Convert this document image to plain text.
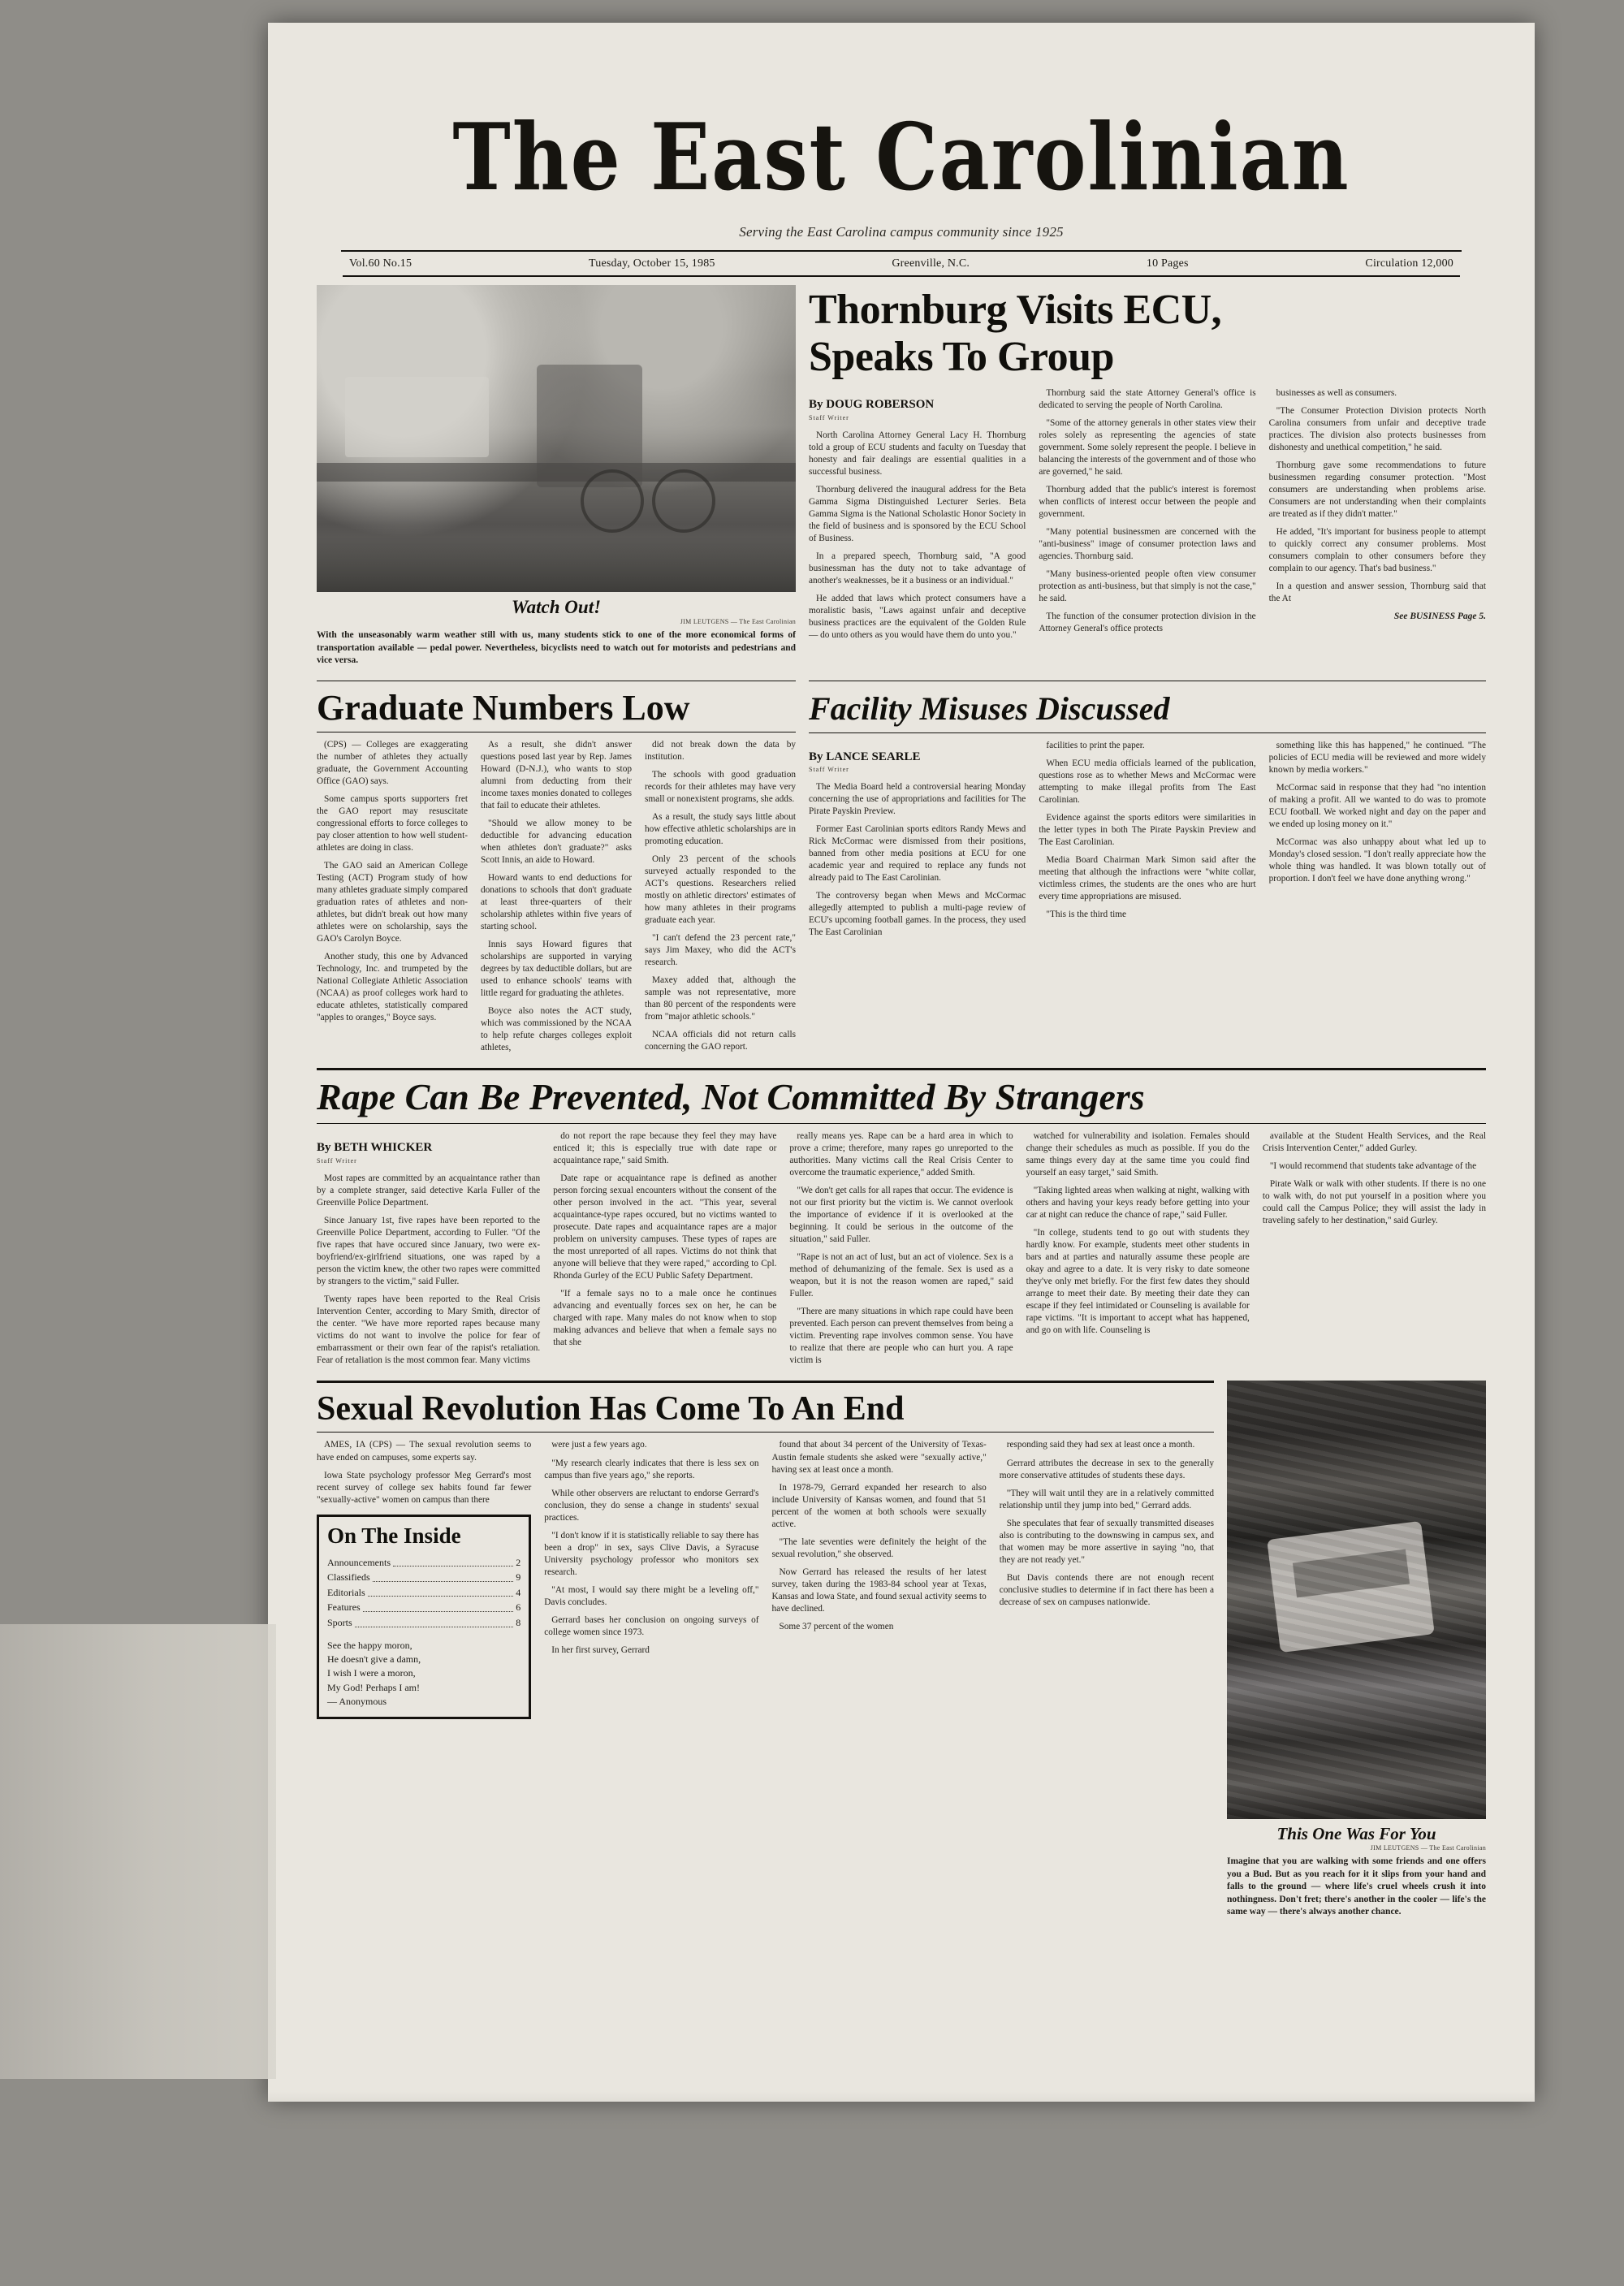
The East Carolinian
Serving the East Carolina campus community since 1925
Vol.60 No.15	Tuesday, October 15, 1985	Greenville, N.C.	10 Pages	Circulation 12,000
Watch Out!
JIM LEUTGENS — The East Carolinian
With the unseasonably warm weather still with us, many students stick to one of the more economical forms of transportation available — pedal power. Nevertheless, bicyclists need to watch out for motorists and pedestrians and vice versa.
Thornburg Visits ECU,
Speaks To Group
By DOUG ROBERSON
Staff Writer

North Carolina Attorney General Lacy H. Thornburg told a group of ECU students and faculty on Tuesday that honesty and fair dealings are essential qualities in a successful business.

Thornburg delivered the inaugural address for the Beta Gamma Sigma Distinguished Lecturer Series. Beta Gamma Sigma is the National Scholastic Honor Society in the field of business and is sponsored by the ECU School of Business.

In a prepared speech, Thornburg said, "A good businessman has the duty not to take advantage of another's weaknesses, be it a business or an individual."

He added that laws which protect consumers have a moralistic basis, "Laws against unfair and deceptive business practices are the equivalent of the Golden Rule — do unto others as you would have them do unto you."

Thornburg said the state Attorney General's office is dedicated to serving the people of North Carolina.

"Some of the attorney generals in other states view their roles solely as representing the agencies of state government. Some solely represent the people. I believe in balancing the interests of the government and of those who are governed," he said.

Thornburg added that the public's interest is foremost when conflicts of interest occur between the people and government.

"Many potential businessmen are concerned with the "anti-business" image of consumer protection laws and agencies. Thornburg said.

"Many business-oriented people often view consumer protection as anti-business, but that simply is not the case," he said.

The function of the consumer protection division in the Attorney General's office protects

businesses as well as consumers.

"The Consumer Protection Division protects North Carolina consumers from unfair and deceptive trade practices. The division also protects businesses from dishonesty and unethical competition," he said.

Thornburg gave some recommendations to future businessmen regarding consumer protection. "Most consumers are understanding when problems arise. Consumers are not understanding when their complaints are treated as if they didn't matter."

He added, "It's important for business people to attempt to quickly correct any consumer problems. Most consumers complain to other consumers before they complain to our agency. That's bad business."

In a question and answer session, Thornburg said that the At

See BUSINESS Page 5.
Graduate Numbers Low

(CPS) — Colleges are exaggerating the number of athletes they actually graduate, the Government Accounting Office (GAO) says.

Some campus sports supporters fret the GAO report may resuscitate congressional efforts to force colleges to pay closer attention to how well student-athletes are doing in class.

The GAO said an American College Testing (ACT) Program study of how many athletes graduate simply compared graduation rates of athletes and non-athletes, but didn't break out how many athletes were on scholarship, says the GAO's Carolyn Boyce.

Another study, this one by Advanced Technology, Inc. and trumpeted by the National Collegiate Athletic Association (NCAA) as proof colleges work hard to educate athletes, statistically compared "apples to oranges," Boyce says.

As a result, she didn't answer questions posed last year by Rep. James Howard (D-N.J.), who wants to stop alumni from deducting from their income taxes monies donated to colleges that fail to educate their athletes.

"Should we allow money to be deductible for advancing education when athletes don't graduate?" asks Scott Innis, an aide to Howard.

Howard wants to end deductions for donations to schools that don't graduate at least three-quarters of their scholarship athletes within five years of starting school.

Innis says Howard figures that scholarships are supported in varying degrees by tax deductible dollars, but are used to enhance schools' teams with little regard for graduating the athletes.

Boyce also notes the ACT study, which was commissioned by the NCAA to help refute charges colleges exploit athletes,

did not break down the data by institution.

The schools with good graduation records for their athletes may have very small or nonexistent programs, she adds.

As a result, the study says little about how effective athletic scholarships are in promoting education.

Only 23 percent of the schools surveyed actually responded to the ACT's questions. Researchers relied mostly on athletic directors' estimates of how many athletes in their programs graduate each year.

"I can't defend the 23 percent rate," says Jim Maxey, who did the ACT's research.

Maxey added that, although the sample was not representative, more than 80 percent of the respondents were from "major athletic schools."

NCAA officials did not return calls concerning the GAO report.

Facility Misuses Discussed
By LANCE SEARLE
Staff Writer

The Media Board held a controversial hearing Monday concerning the use of appropriations and facilities for The Pirate Payskin Preview.

Former East Carolinian sports editors Randy Mews and Rick McCormac were dismissed from their positions, banned from other media positions at ECU for one academic year and required to replace any funds not already paid to The East Carolinian.

The controversy began when Mews and McCormac allegedly attempted to publish a multi-page review of ECU's upcoming football games. In the process, they used The East Carolinian

facilities to print the paper.

When ECU media officials learned of the publication, questions rose as to whether Mews and McCormac were attempting to make illegal profits from The East Carolinian.

Evidence against the sports editors were similarities in the letter types in both The Pirate Payskin Preview and The East Carolinian.

Media Board Chairman Mark Simon said after the meeting that although the infractions were "white collar, victimless crimes, the students are the ones who are hurt every time appropriations are misused.

"This is the third time

something like this has happened," he continued. "The policies of ECU media will be reviewed and more widely known by media workers."

McCormac said in response that they had "no intention of making a profit. All we wanted to do was to promote ECU football. We worked night and day on the paper and we ended up losing money on it."

McCormac was also unhappy about what led up to Monday's closed session. "I don't really appreciate how the whole thing was handled. It was blown totally out of proportion. I don't feel we have done anything wrong."

Rape Can Be Prevented, Not Committed By Strangers
By BETH WHICKER
Staff Writer

Most rapes are committed by an acquaintance rather than by a complete stranger, said detective Karla Fuller of the Greenville Police Department.

Since January 1st, five rapes have been reported to the Greenville Police Department, according to Fuller. "Of the five rapes that have occured since January, two were ex-boyfriend/ex-girlfriend situations, one was raped by a person the victim knew, the other two rapes were committed by strangers to the victim," said Fuller.

Twenty rapes have been reported to the Real Crisis Intervention Center, according to Mary Smith, director of the center. "We have more reported rapes because many victims do not want to involve the police for fear of embarrassment or their own fear of the rapist's retaliation. Fear of retaliation is the most common fear. Many victims

do not report the rape because they feel they may have enticed it; this is especially true with date rape or acquaintance rape," said Smith.

Date rape or acquaintance rape is defined as another person forcing sexual encounters without the consent of the other person involved in the act. "This year, several acquaintance-type rapes occured, but no victims wanted to prosecute. Date rapes and acquaintance rapes are a major problem on university campuses. These types of rapes are the most unreported of all rapes. Victims do not think that anyone will believe that they were raped," according to Cpl. Rhonda Gurley of the ECU Public Safety Department.

"If a female says no to a male once he continues advancing and eventually forces sex on her, he can be charged with rape. Many males do not know when to stop making advances and believe that when a female says no that she

really means yes. Rape can be a hard area in which to prove a crime; therefore, many rapes go unreported to the authorities. Many victims call the Real Crisis Center to overcome the traumatic experience," added Smith.

"We don't get calls for all rapes that occur. The evidence is not our first priority but the victim is. We cannot overlook the importance of evidence if it is overlooked at the beginning. It could be serious in the outcome of the situation," said Fuller.

"Rape is not an act of lust, but an act of violence. Sex is a method of dehumanizing of the female. Sex is used as a weapon, but it is not the reason women are raped," said Fuller.

"There are many situations in which rape could have been prevented. Each person can prevent themselves from being a victim. Preventing rape involves common sense. You have to realize that there are people who can hurt you. A rape victim is

watched for vulnerability and isolation. Females should change their schedules as much as possible. If you do the same things every day at the same time you could find yourself an easy target," said Smith.

"Taking lighted areas when walking at night, walking with others and having your keys ready before getting into your car at night can reduce the chance of rape," said Fuller.

"In college, students tend to go out with students they hardly know. For example, students meet other students in bars and at parties and naturally assume these people are okay and agree to a date. It is very risky to date someone they've only met briefly. For the first few dates they should arrange to meet their date. By meeting their date they can escape if they feel intimidated or Counseling is available for rape victims. "It is important to accept what has happened, and go on with life. Counseling is

available at the Student Health Services, and the Real Crisis Intervention Center," added Gurley.

"I would recommend that students take advantage of the

Pirate Walk or walk with other students. If there is no one to walk with, do not put yourself in a position where you could call the Campus Police; they will assist the lady in traveling safely to her destination," said Gurley.

Sexual Revolution Has Come To An End

AMES, IA (CPS) — The sexual revolution seems to have ended on campuses, some experts say.

Iowa State psychology professor Meg Gerrard's most recent survey of college sex habits found far fewer "sexually-active" women on campus than there

On The Inside
Announcements	2
Classifieds	9
Editorials	4
Features	6
Sports	8
See the happy moron,
He doesn't give a damn,
I wish I were a moron,
My God! Perhaps I am!
— Anonymous

were just a few years ago.

"My research clearly indicates that there is less sex on campus than five years ago," she reports.

While other observers are reluctant to endorse Gerrard's conclusion, they do sense a change in students' sexual practices.

"I don't know if it is statistically reliable to say there has been a drop" in sex, says Clive Davis, a Syracuse University psychology professor who monitors sex research.

"At most, I would say there might be a leveling off," Davis concludes.

Gerrard bases her conclusion on ongoing surveys of college women since 1973.

In her first survey, Gerrard

found that about 34 percent of the University of Texas-Austin female students she asked were "sexually active," having sex at least once a month.

In 1978-79, Gerrard expanded her research to also include University of Kansas women, and found that 51 percent of the women at both schools were sexually active.

"The late seventies were definitely the height of the sexual revolution," she observed.

Now Gerrard has released the results of her latest survey, taken during the 1983-84 school year at Texas, Kansas and Iowa State, and found sexual activity seems to have declined.

Some 37 percent of the women

responding said they had sex at least once a month.

Gerrard attributes the decrease in sex to the generally more conservative attitudes of students these days.

"They will wait until they are in a relatively committed relationship until they jump into bed," Gerrard adds.

She speculates that fear of sexually transmitted diseases also is contributing to the downswing in campus sex, and that women may be more assertive in saying "no, that they are not ready yet."

But Davis contends there are not enough recent conclusive studies to determine if in fact there has been a decrease of sex on campuses nationwide.

This One Was For You
JIM LEUTGENS — The East Carolinian
Imagine that you are walking with some friends and one offers you a Bud. But as you reach for it it slips from your hand and falls to the ground — where life's cruel wheels crush it into nothingness. Don't fret; there's another in the cooler — life's the same way — there's always another chance.
